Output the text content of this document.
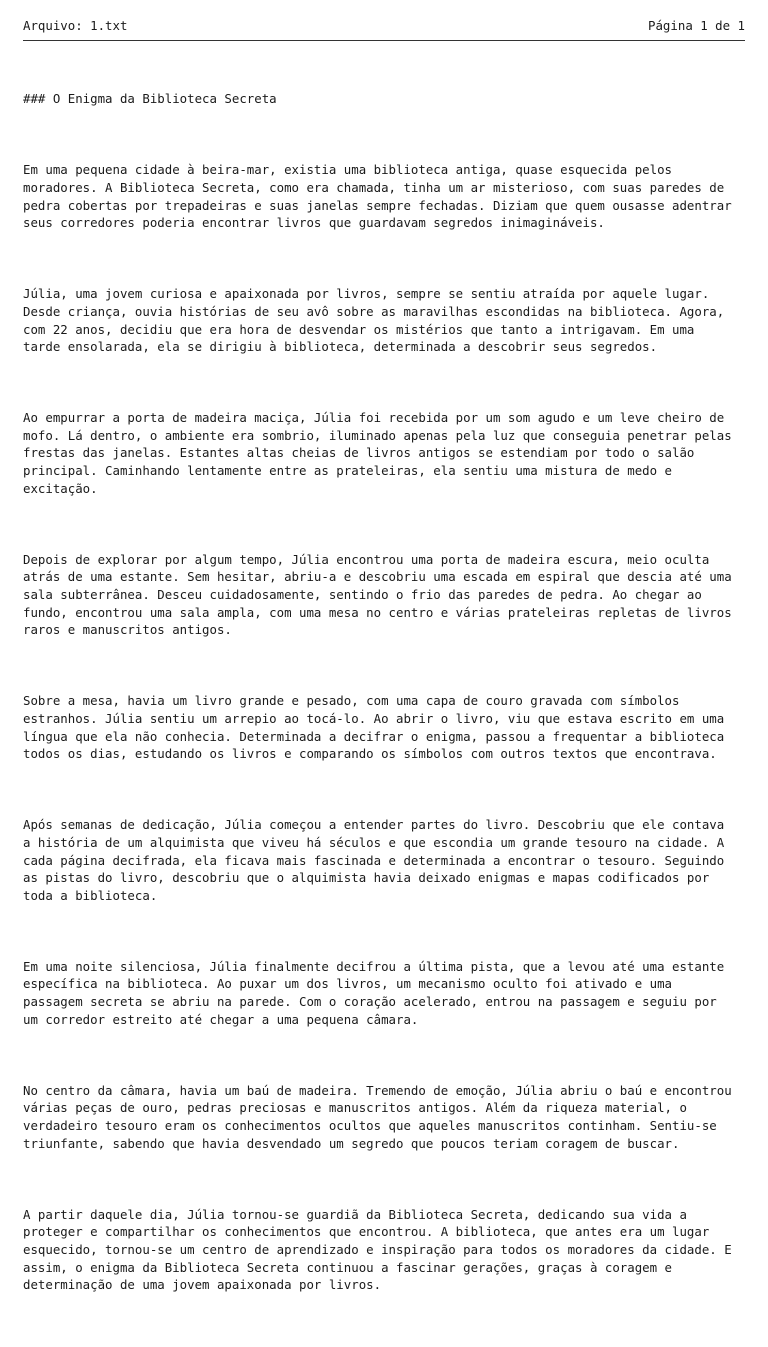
Arquivo: 1.txt	Página 1 de 1

### O Enigma da Biblioteca Secreta

Em uma pequena cidade à beira-mar, existia uma biblioteca antiga, quase esquecida pelos
moradores. A Biblioteca Secreta, como era chamada, tinha um ar misterioso, com suas paredes de
pedra cobertas por trepadeiras e suas janelas sempre fechadas. Diziam que quem ousasse adentrar
seus corredores poderia encontrar livros que guardavam segredos inimagináveis.

Júlia, uma jovem curiosa e apaixonada por livros, sempre se sentiu atraída por aquele lugar.
Desde criança, ouvia histórias de seu avô sobre as maravilhas escondidas na biblioteca. Agora,
com 22 anos, decidiu que era hora de desvendar os mistérios que tanto a intrigavam. Em uma
tarde ensolarada, ela se dirigiu à biblioteca, determinada a descobrir seus segredos.

Ao empurrar a porta de madeira maciça, Júlia foi recebida por um som agudo e um leve cheiro de
mofo. Lá dentro, o ambiente era sombrio, iluminado apenas pela luz que conseguia penetrar pelas
frestas das janelas. Estantes altas cheias de livros antigos se estendiam por todo o salão
principal. Caminhando lentamente entre as prateleiras, ela sentiu uma mistura de medo e
excitação.

Depois de explorar por algum tempo, Júlia encontrou uma porta de madeira escura, meio oculta
atrás de uma estante. Sem hesitar, abriu-a e descobriu uma escada em espiral que descia até uma
sala subterrânea. Desceu cuidadosamente, sentindo o frio das paredes de pedra. Ao chegar ao
fundo, encontrou uma sala ampla, com uma mesa no centro e várias prateleiras repletas de livros
raros e manuscritos antigos.

Sobre a mesa, havia um livro grande e pesado, com uma capa de couro gravada com símbolos
estranhos. Júlia sentiu um arrepio ao tocá-lo. Ao abrir o livro, viu que estava escrito em uma
língua que ela não conhecia. Determinada a decifrar o enigma, passou a frequentar a biblioteca
todos os dias, estudando os livros e comparando os símbolos com outros textos que encontrava.

Após semanas de dedicação, Júlia começou a entender partes do livro. Descobriu que ele contava
a história de um alquimista que viveu há séculos e que escondia um grande tesouro na cidade. A
cada página decifrada, ela ficava mais fascinada e determinada a encontrar o tesouro. Seguindo
as pistas do livro, descobriu que o alquimista havia deixado enigmas e mapas codificados por
toda a biblioteca.

Em uma noite silenciosa, Júlia finalmente decifrou a última pista, que a levou até uma estante
específica na biblioteca. Ao puxar um dos livros, um mecanismo oculto foi ativado e uma
passagem secreta se abriu na parede. Com o coração acelerado, entrou na passagem e seguiu por
um corredor estreito até chegar a uma pequena câmara.

No centro da câmara, havia um baú de madeira. Tremendo de emoção, Júlia abriu o baú e encontrou
várias peças de ouro, pedras preciosas e manuscritos antigos. Além da riqueza material, o
verdadeiro tesouro eram os conhecimentos ocultos que aqueles manuscritos continham. Sentiu-se
triunfante, sabendo que havia desvendado um segredo que poucos teriam coragem de buscar.

A partir daquele dia, Júlia tornou-se guardiã da Biblioteca Secreta, dedicando sua vida a
proteger e compartilhar os conhecimentos que encontrou. A biblioteca, que antes era um lugar
esquecido, tornou-se um centro de aprendizado e inspiração para todos os moradores da cidade. E
assim, o enigma da Biblioteca Secreta continuou a fascinar gerações, graças à coragem e
determinação de uma jovem apaixonada por livros.
